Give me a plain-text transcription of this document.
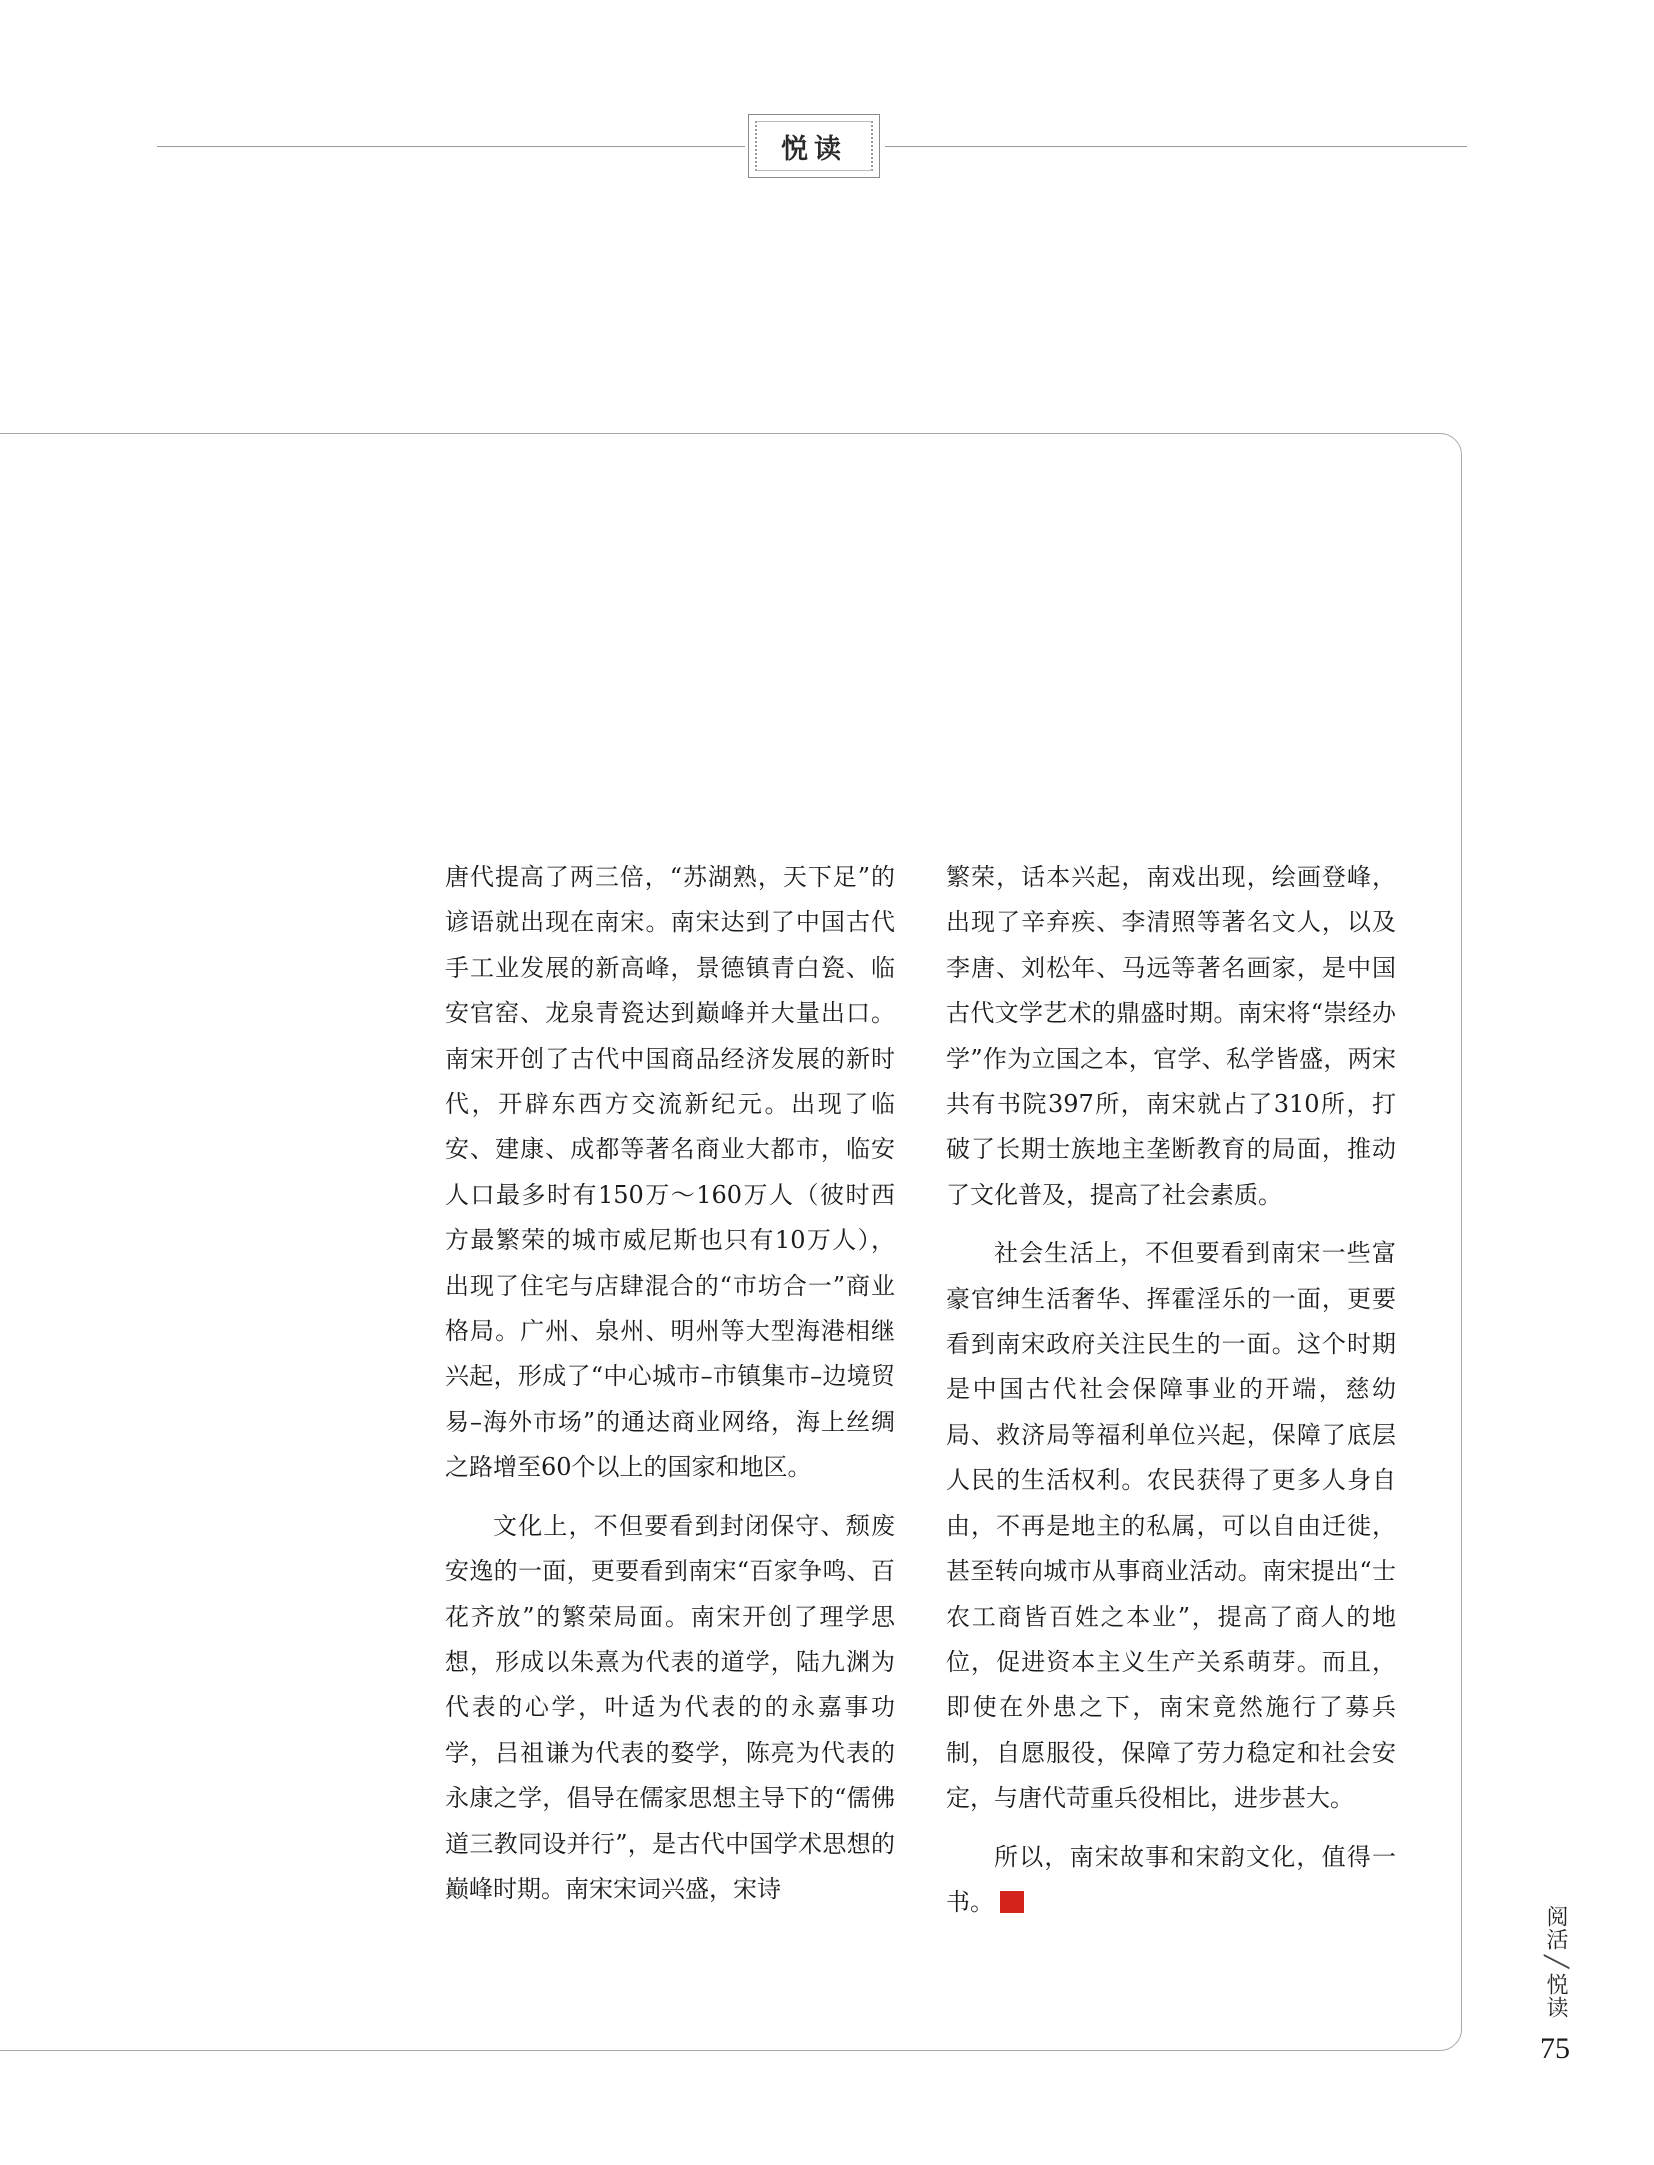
悦读

唐代提高了两三倍，“苏湖熟，天下足”的谚语就出现在南宋。南宋达到了中国古代手工业发展的新高峰，景德镇青白瓷、临安官窑、龙泉青瓷达到巅峰并大量出口。南宋开创了古代中国商品经济发展的新时代，开辟东西方交流新纪元。出现了临安、建康、成都等著名商业大都市，临安人口最多时有150万～160万人（彼时西方最繁荣的城市威尼斯也只有10万人），出现了住宅与店肆混合的“市坊合一”商业格局。广州、泉州、明州等大型海港相继兴起，形成了“中心城市–市镇集市–边境贸易–海外市场”的通达商业网络，海上丝绸之路增至60个以上的国家和地区。

文化上，不但要看到封闭保守、颓废安逸的一面，更要看到南宋“百家争鸣、百花齐放”的繁荣局面。南宋开创了理学思想，形成以朱熹为代表的道学，陆九渊为代表的心学，叶适为代表的的永嘉事功学，吕祖谦为代表的婺学，陈亮为代表的永康之学，倡导在儒家思想主导下的“儒佛道三教同设并行”，是古代中国学术思想的巅峰时期。南宋宋词兴盛，宋诗

繁荣，话本兴起，南戏出现，绘画登峰，出现了辛弃疾、李清照等著名文人，以及李唐、刘松年、马远等著名画家，是中国古代文学艺术的鼎盛时期。南宋将“崇经办学”作为立国之本，官学、私学皆盛，两宋共有书院397所，南宋就占了310所，打破了长期士族地主垄断教育的局面，推动了文化普及，提高了社会素质。

社会生活上，不但要看到南宋一些富豪官绅生活奢华、挥霍淫乐的一面，更要看到南宋政府关注民生的一面。这个时期是中国古代社会保障事业的开端，慈幼局、救济局等福利单位兴起，保障了底层人民的生活权利。农民获得了更多人身自由，不再是地主的私属，可以自由迁徙，甚至转向城市从事商业活动。南宋提出“士农工商皆百姓之本业”，提高了商人的地位，促进资本主义生产关系萌芽。而且，即使在外患之下，南宋竟然施行了募兵制，自愿服役，保障了劳力稳定和社会安定，与唐代苛重兵役相比，进步甚大。

所以，南宋故事和宋韵文化，值得一书。

阅活╱悦读
75
